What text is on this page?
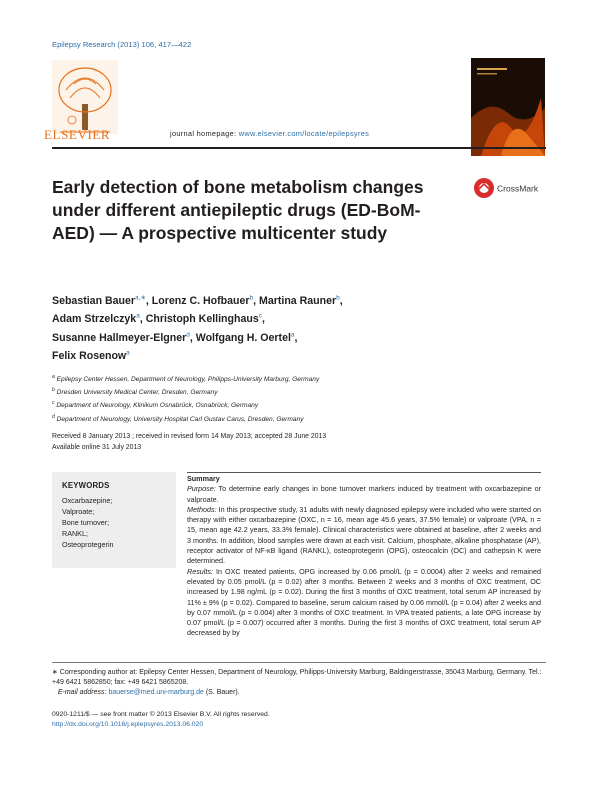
Epilepsy Research (2013) 106, 417—422
ELSEVIER	journal homepage: www.elsevier.com/locate/epilepsyres
Early detection of bone metabolism changes under different antiepileptic drugs (ED-BoM-AED) — A prospective multicenter study
CrossMark
Sebastian Bauer$^{a,∗}$, Lorenz C. Hofbauer$^b$, Martina Rauner$^b$,
Adam Strzelczyk$^a$, Christoph Kellinghaus$^c$,
Susanne Hallmeyer-Elgner$^d$, Wolfgang H. Oertel$^a$,
Felix Rosenow$^a$
$^a$ Epilepsy Center Hessen, Department of Neurology, Philipps-University Marburg, Germany
$^b$ Dresden University Medical Center, Dresden, Germany
$^c$ Department of Neurology, Klinikum Osnabrück, Osnabrück, Germany
$^d$ Department of Neurology, University Hospital Carl Gustav Carus, Dresden, Germany
Received 8 January 2013 ; received in revised form 14 May 2013; accepted 28 June 2013
Available online 31 July 2013
KEYWORDS
Oxcarbazepine;
Valproate;
Bone turnover;
RANKL;
Osteoprotegerin
Summary
Purpose: To determine early changes in bone turnover markers induced by treatment with oxcarbazepine or valproate.
Methods: In this prospective study, 31 adults with newly diagnosed epilepsy were included who were started on therapy with either oxcarbazepine (OXC, n = 16, mean age 45.6 years, 37.5% female) or valproate (VPA, n = 15, mean age 42.2 years, 33.3% female). Clinical characteristics were obtained at baseline, after 2 weeks and 3 months. In addition, blood samples were drawn at each visit. Calcium, phosphate, alkaline phosphatase (AP), receptor activator of NF-κB ligand (RANKL), osteoprotegerin (OPG), osteocalcin (OC) and cathepsin K were determined.
Results: In OXC treated patients, OPG increased by 0.06 pmol/L (p = 0.0004) after 2 weeks and remained elevated by 0.05 pmol/L (p = 0.02) after 3 months. Between 2 weeks and 3 months of OXC treatment, OC increased by 1.98 ng/mL (p = 0.02). During the first 3 months of OXC treatment, total serum AP increased by 11% ± 9% (p = 0.02). Compared to baseline, serum calcium raised by 0.06 mmol/L (p = 0.04) after 2 weeks and by 0.07 mmol/L (p = 0.004) after 3 months of OXC treatment. In VPA treated patients, a late OPG increase by 0.07 pmol/L (p = 0.007) occurred after 3 months. During the first 3 months of OXC treatment, total serum AP decreased by by
∗ Corresponding author at: Epilepsy Center Hessen, Department of Neurology, Philipps-University Marburg, Baldingerstrasse, 35043 Marburg, Germany. Tel.: +49 6421 5862850; fax: +49 6421 5865208.
E-mail address: bauerse@med.uni-marburg.de (S. Bauer).
0920-1211/$ — see front matter © 2013 Elsevier B.V. All rights reserved.
http://dx.doi.org/10.1016/j.eplepsyres.2013.06.020
